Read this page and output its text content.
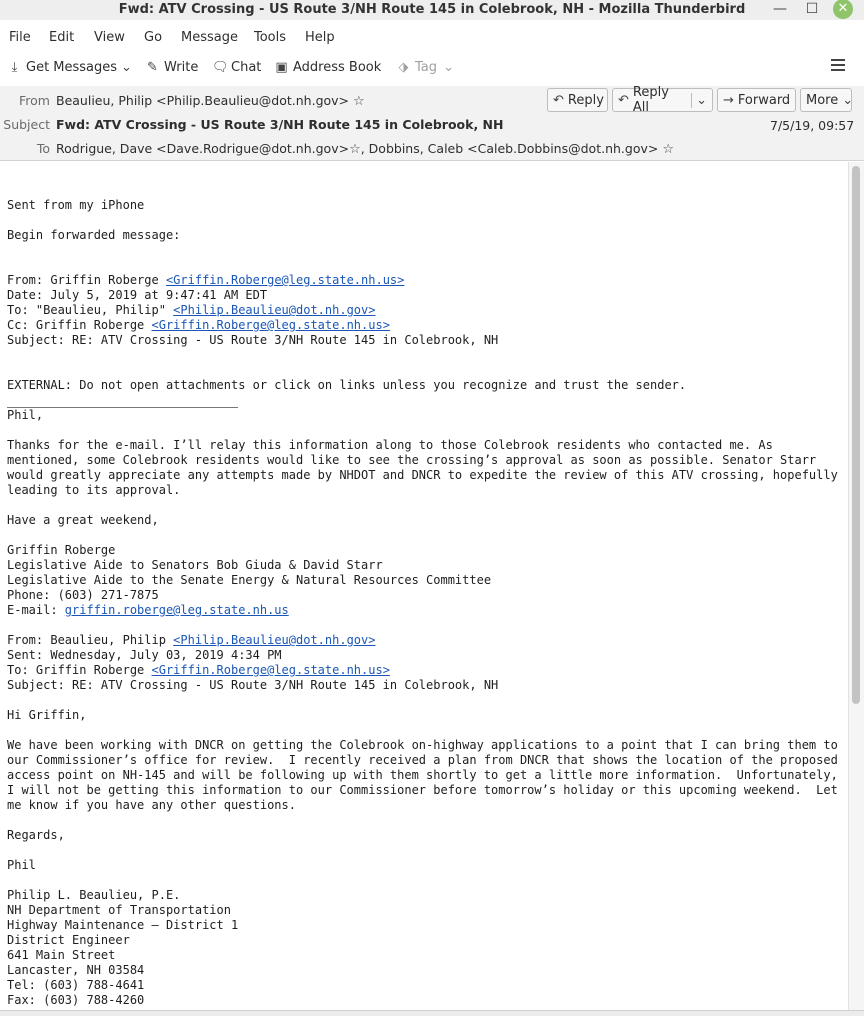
Fwd: ATV Crossing - US Route 3/NH Route 145 in Colebrook, NH - Mozilla Thunderbird	—	☐	✕
File Edit View Go Message Tools Help
⤓ Get Messages ⌄ ✎ Write 🗨 Chat ▣ Address Book ⬗ Tag ⌄
From Beaulieu, Philip <Philip.Beaulieu@dot.nh.gov> ☆	↶ Reply ↶ Reply All	⌄ → Forward More ⌄
Subject Fwd: ATV Crossing - US Route 3/NH Route 145 in Colebrook, NH	7/5/19, 09:57
To Rodrigue, Dave <Dave.Rodrigue@dot.nh.gov>☆, Dobbins, Caleb <Caleb.Dobbins@dot.nh.gov> ☆
Sent from my iPhone

Begin forwarded message:

From: Griffin Roberge <Griffin.Roberge@leg.state.nh.us>
Date: July 5, 2019 at 9:47:41 AM EDT
To: "Beaulieu, Philip" <Philip.Beaulieu@dot.nh.gov>
Cc: Griffin Roberge <Griffin.Roberge@leg.state.nh.us>
Subject: RE: ATV Crossing - US Route 3/NH Route 145 in Colebrook, NH

EXTERNAL: Do not open attachments or click on links unless you recognize and trust the sender.

Phil,

Thanks for the e-mail. I’ll relay this information along to those Colebrook residents who contacted me. As
mentioned, some Colebrook residents would like to see the crossing’s approval as soon as possible. Senator Starr
would greatly appreciate any attempts made by NHDOT and DNCR to expedite the review of this ATV crossing, hopefully
leading to its approval.

Have a great weekend,

Griffin Roberge
Legislative Aide to Senators Bob Giuda & David Starr
Legislative Aide to the Senate Energy & Natural Resources Committee
Phone: (603) 271-7875
E-mail: griffin.roberge@leg.state.nh.us

From: Beaulieu, Philip <Philip.Beaulieu@dot.nh.gov>
Sent: Wednesday, July 03, 2019 4:34 PM
To: Griffin Roberge <Griffin.Roberge@leg.state.nh.us>
Subject: RE: ATV Crossing - US Route 3/NH Route 145 in Colebrook, NH

Hi Griffin,

We have been working with DNCR on getting the Colebrook on-highway applications to a point that I can bring them to
our Commissioner’s office for review.  I recently received a plan from DNCR that shows the location of the proposed
access point on NH-145 and will be following up with them shortly to get a little more information.  Unfortunately,
I will not be getting this information to our Commissioner before tomorrow’s holiday or this upcoming weekend.  Let
me know if you have any other questions.

Regards,

Phil

Philip L. Beaulieu, P.E.
NH Department of Transportation
Highway Maintenance – District 1
District Engineer
641 Main Street
Lancaster, NH 03584
Tel: (603) 788-4641
Fax: (603) 788-4260
